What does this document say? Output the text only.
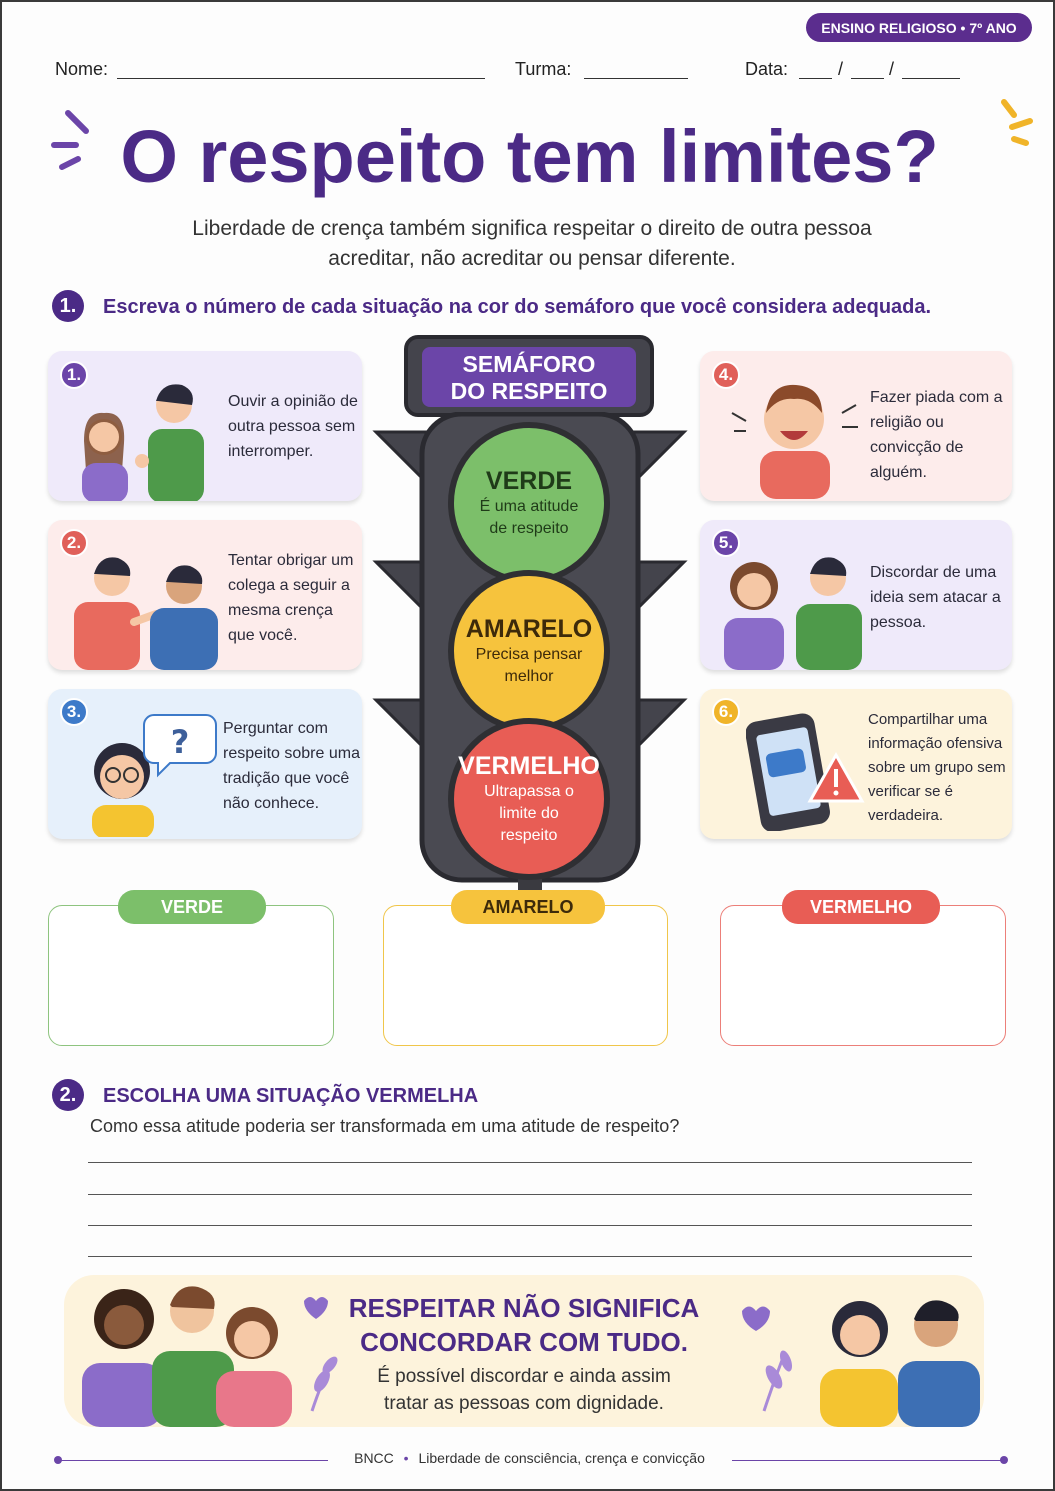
ENSINO RELIGIOSO • 7º ANO
Nome:	Turma:	Data:	/	/
O respeito tem limites?
Liberdade de crença também significa respeitar o direito de outra pessoa acreditar, não acreditar ou pensar diferente.
1.	Escreva o número de cada situação na cor do semáforo que você considera adequada.
1.
Ouvir a opinião de outra pessoa sem interromper.
2.
Tentar obrigar um colega a seguir a mesma crença que você.
3.
? Perguntar com respeito sobre uma tradição que você não conhece.
4.
Fazer piada com a religião ou convicção de alguém.
5.
Discordar de uma ideia sem atacar a pessoa.
6.	Compartilhar uma informação ofensiva sobre um grupo sem verificar se é verdadeira.
SEMÁFORO
DO RESPEITO
VERDE
É uma atitude de respeito
AMARELO
Precisa pensar melhor
VERMELHO
Ultrapassa o limite do respeito
VERDE	AMARELO	VERMELHO
2.	ESCOLHA UMA SITUAÇÃO VERMELHA
Como essa atitude poderia ser transformada em uma atitude de respeito?
RESPEITAR NÃO SIGNIFICA
CONCORDAR COM TUDO.
É possível discordar e ainda assim
tratar as pessoas com dignidade.
BNCC • Liberdade de consciência, crença e convicção
